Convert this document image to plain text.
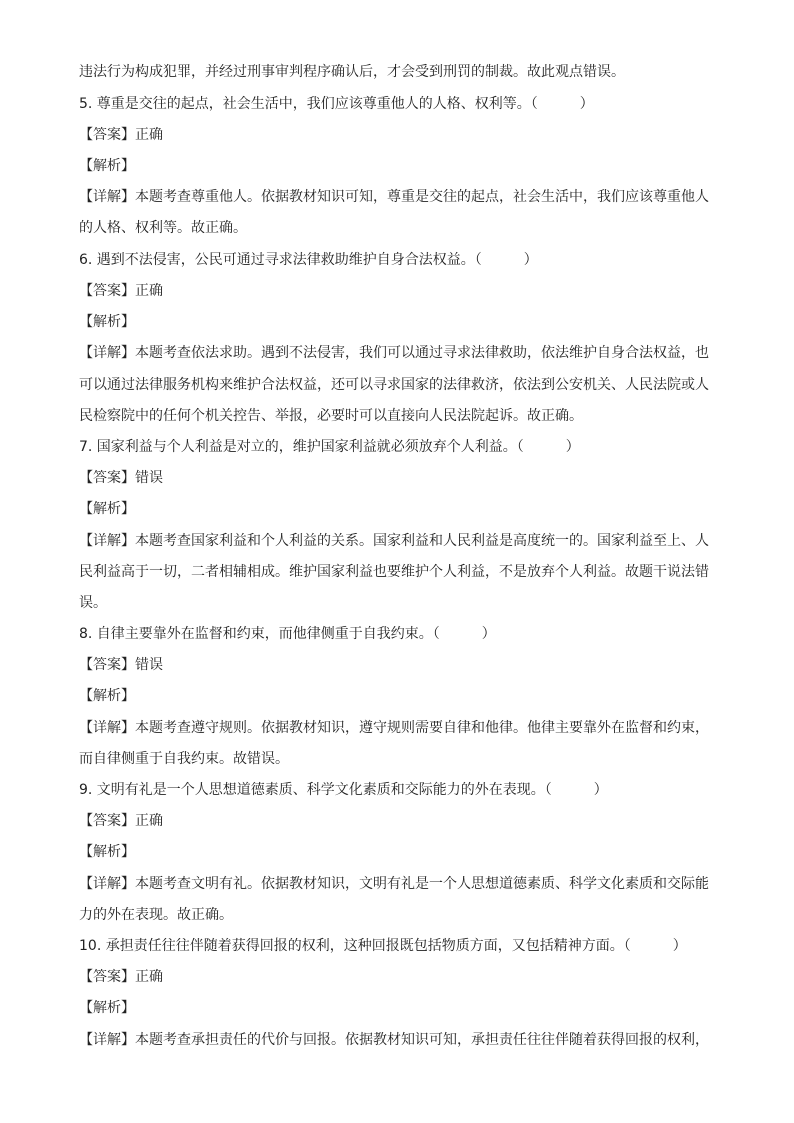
违法行为构成犯罪，并经过刑事审判程序确认后，才会受到刑罚的制裁。故此观点错误。
5. 尊重是交往的起点，社会生活中，我们应该尊重他人的人格、权利等。（　　　）
【答案】正确
【解析】
【详解】本题考查尊重他人。依据教材知识可知，尊重是交往的起点，社会生活中，我们应该尊重他人
的人格、权利等。故正确。
6. 遇到不法侵害，公民可通过寻求法律救助维护自身合法权益。（　　　）
【答案】正确
【解析】
【详解】本题考查依法求助。遇到不法侵害，我们可以通过寻求法律救助，依法维护自身合法权益，也
可以通过法律服务机构来维护合法权益，还可以寻求国家的法律救济，依法到公安机关、人民法院或人
民检察院中的任何个机关控告、举报，必要时可以直接向人民法院起诉。故正确。
7. 国家利益与个人利益是对立的，维护国家利益就必须放弃个人利益。（　　　）
【答案】错误
【解析】
【详解】本题考查国家利益和个人利益的关系。国家利益和人民利益是高度统一的。国家利益至上、人
民利益高于一切，二者相辅相成。维护国家利益也要维护个人利益，不是放弃个人利益。故题干说法错
误。
8. 自律主要靠外在监督和约束，而他律侧重于自我约束。（　　　）
【答案】错误
【解析】
【详解】本题考查遵守规则。依据教材知识，遵守规则需要自律和他律。他律主要靠外在监督和约束，
而自律侧重于自我约束。故错误。
9. 文明有礼是一个人思想道德素质、科学文化素质和交际能力的外在表现。（　　　）
【答案】正确
【解析】
【详解】本题考查文明有礼。依据教材知识，文明有礼是一个人思想道德素质、科学文化素质和交际能
力的外在表现。故正确。
10. 承担责任往往伴随着获得回报的权利，这种回报既包括物质方面，又包括精神方面。（　　　）
【答案】正确
【解析】
【详解】本题考查承担责任的代价与回报。依据教材知识可知，承担责任往往伴随着获得回报的权利，
